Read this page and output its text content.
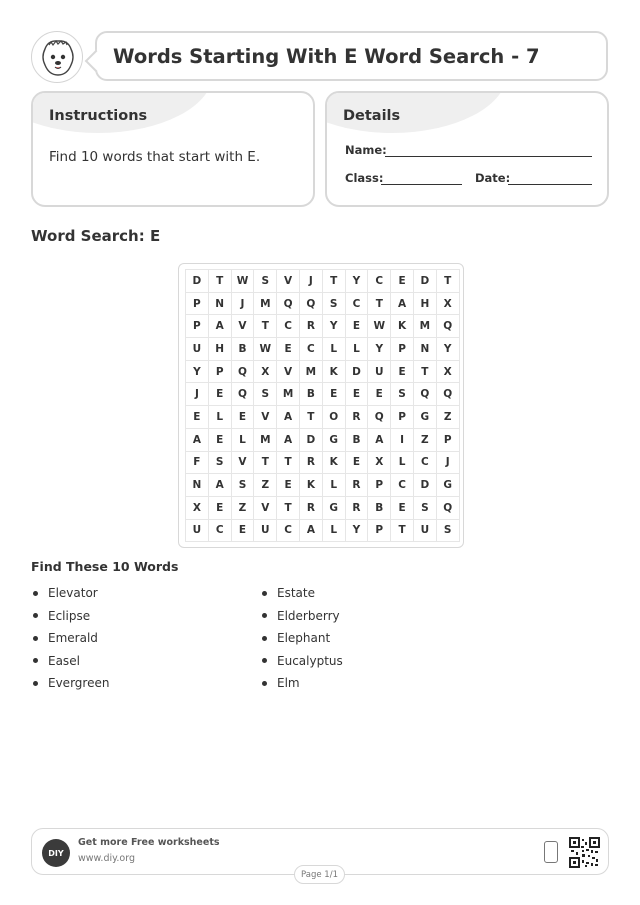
Words Starting With E Word Search - 7
Instructions
Find 10 words that start with E.
Details
Name:
Class:	Date:
Word Search: E
D	T	W	S	V	J	T	Y	C	E	D	T
P	N	J	M	Q	Q	S	C	T	A	H	X
P	A	V	T	C	R	Y	E	W	K	M	Q
U	H	B	W	E	C	L	L	Y	P	N	Y
Y	P	Q	X	V	M	K	D	U	E	T	X
J	E	Q	S	M	B	E	E	E	S	Q	Q
E	L	E	V	A	T	O	R	Q	P	G	Z
A	E	L	M	A	D	G	B	A	I	Z	P
F	S	V	T	T	R	K	E	X	L	C	J
N	A	S	Z	E	K	L	R	P	C	D	G
X	E	Z	V	T	R	G	R	B	E	S	Q
U	C	E	U	C	A	L	Y	P	T	U	S
Find These 10 Words
Elevator
Eclipse
Emerald
Easel
Evergreen
Estate
Elderberry
Elephant
Eucalyptus
Elm
DIY
Get more Free worksheets
www.diy.org
Page 1/1
